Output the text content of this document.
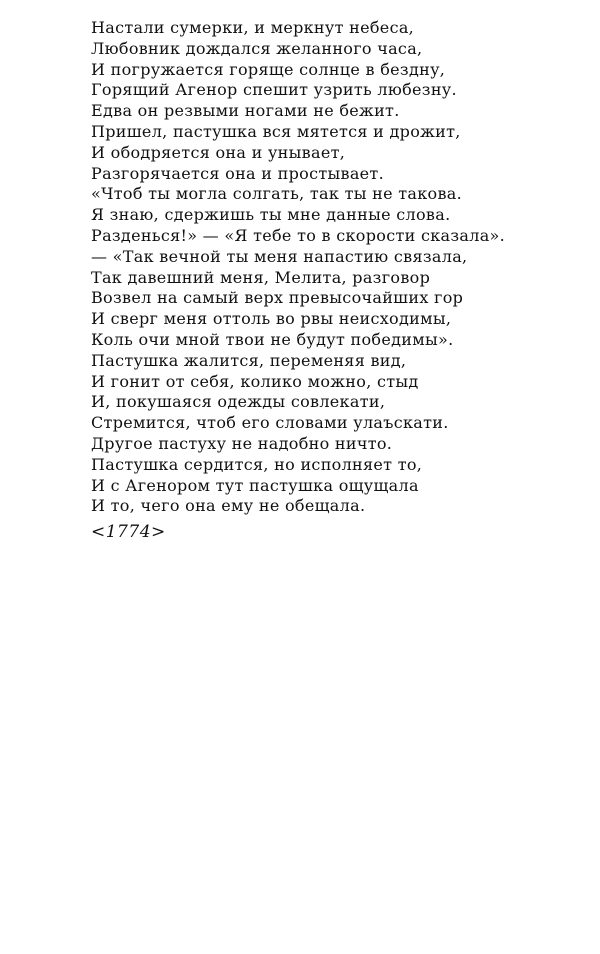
Настали сумерки, и меркнут небеса,
Любовник дождался желанного часа,
И погружается горяще солнце в бездну,
Горящий Агенор спешит узрить любезну.
Едва он резвыми ногами не бежит.
Пришел, пастушка вся мятется и дрожит,
И ободряется она и унывает,
Разгорячается она и простывает.
«Чтоб ты могла солгать, так ты не такова.
Я знаю, сдержишь ты мне данные слова.
Разденься!» — «Я тебе то в скорости сказала».
— «Так вечной ты меня напастию связала,
Так давешний меня, Мелита, разговор
Возвел на самый верх превысочайших гор
И сверг меня оттоль во рвы неисходимы,
Коль очи мной твои не будут победимы».
Пастушка жалится, переменяя вид,
И гонит от себя, колико можно, стыд
И, покушаяся одежды совлекати,
Стремится, чтоб его словами улаъскати.
Другое пастуху не надобно ничто.
Пастушка сердится, но исполняет то,
И с Агенором тут пастушка ощущала
И то, чего она ему не обещала.
<1774>
